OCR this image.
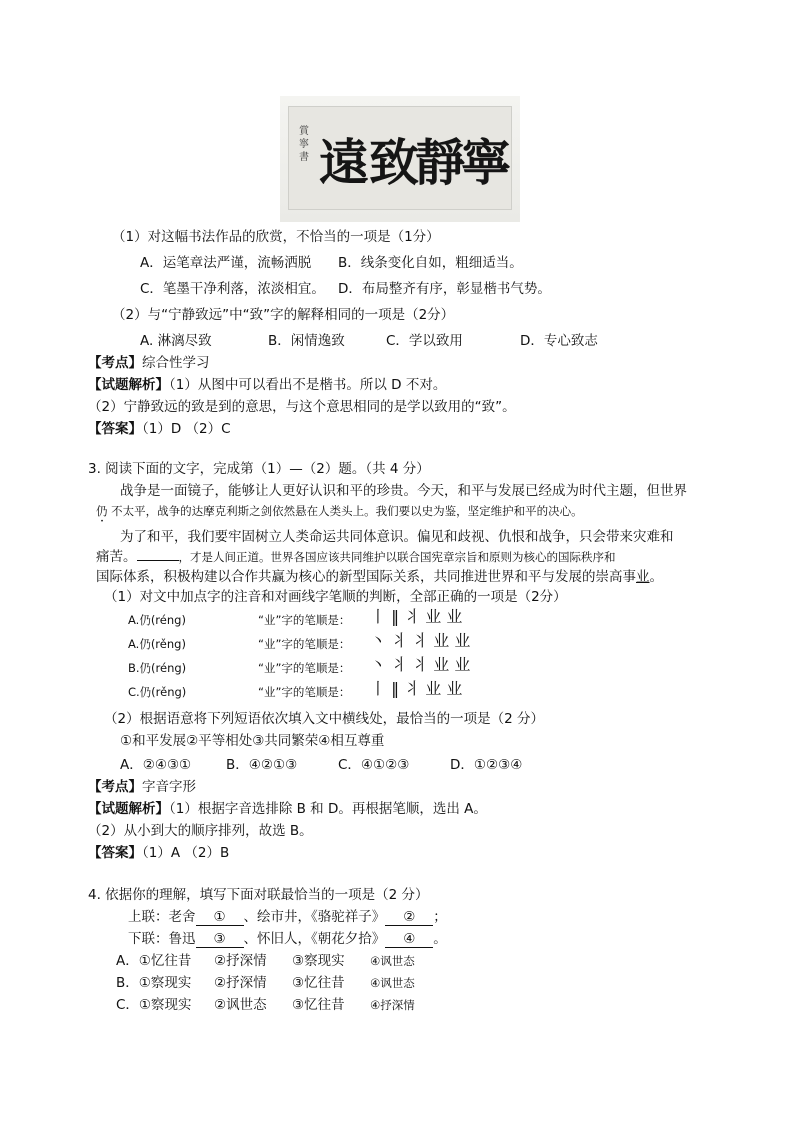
賞
寧
書 遠 致
靜
寧
（1）对这幅书法作品的欣赏，不恰当的一项是（1分）
A．运笔章法严谨，流畅洒脱 B．线条变化自如，粗细适当。
C．笔墨干净利落，浓淡相宜。 D．布局整齐有序，彰显楷书气势。
（2）与“宁静致远”中“致”字的解释相同的一项是（2分）
A. 淋漓尽致	B．闲情逸致	C．学以致用	D．专心致志
【考点】综合性学习
【试题解析】（1）从图中可以看出不是楷书。所以 D 不对。
（2）宁静致远的致是到的意思，与这个意思相同的是学以致用的“致”。
【答案】（1）D （2）C
3. 阅读下面的文字，完成第（1）—（2）题。（共 4 分）
战争是一面镜子，能够让人更好认识和平的珍贵。今天，和平与发展已经成为时代主题，但世界
仍 不太平，战争的达摩克利斯之剑依然悬在人类头上。我们要以史为鉴，坚定维护和平的决心。
为了和平，我们要牢固树立人类命运共同体意识。偏见和歧视、仇恨和战争，只会带来灾难和
痛苦。	，才是人间正道。世界各国应该共同维护以联合国宪章宗旨和原则为核心的国际秩序和
国际体系，积极构建以合作共赢为核心的新型国际关系，共同推进世界和平与发展的崇高事业。
（1）对文中加点字的注音和对画线字笔顺的判断，全部正确的一项是（2分）
A.仍(réng)	“业”字的笔顺是： 丨 ‖ 丬 业 业
A.仍(rěng)	“业”字的笔顺是： 丶 丬 丬 业 业
B.仍(réng)	“业”字的笔顺是： 丶 丬 丬 业 业
C.仍(rěng)	“业”字的笔顺是： 丨 ‖ 丬 业 业
（2）根据语意将下列短语依次填入文中横线处，最恰当的一项是（2 分）
①和平发展②平等相处③共同繁荣④相互尊重
A．②④③①	B．④②①③	C．④①②③	D．①②③④
【考点】字音字形
【试题解析】（1）根据字音选排除 B 和 D。再根据笔顺，选出 A。
（2）从小到大的顺序排列，故选 B。
【答案】（1）A （2）B
4. 依据你的理解，填写下面对联最恰当的一项是（2 分）
上联：老舍 ① 、绘市井，《骆驼祥子》 ② ；
下联：鲁迅 ③ 、怀旧人，《朝花夕拾》 ④ 。
A．①忆往昔 ②抒深情 ③察现实 ④讽世态
B．①察现实 ②抒深情 ③忆往昔 ④讽世态
C．①察现实 ②讽世态 ③忆往昔 ④抒深情
